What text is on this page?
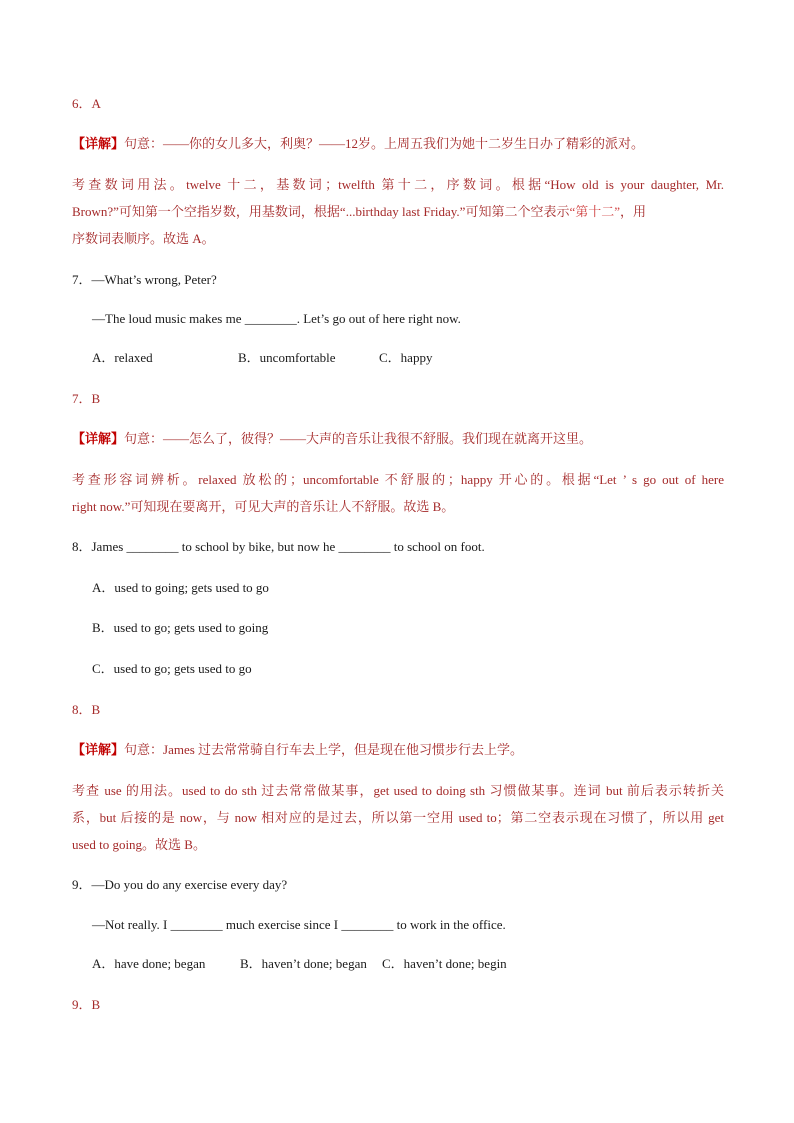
6．A
【详解】句意：——你的女儿多大，利奥？——12岁。上周五我们为她十二岁生日办了精彩的派对。
考查数词用法。twelve 十二，基数词；twelfth 第十二，序数词。根据“How old is your daughter, Mr.
Brown?”可知第一个空指岁数，用基数词，根据“...birthday last Friday.”可知第二个空表示“第十二”，用
序数词表顺序。故选 A。
7．—What’s wrong, Peter?
—The loud music makes me ________. Let’s go out of here right now.
A．relaxed	B．uncomfortable	C．happy
7．B
【详解】句意：——怎么了，彼得？——大声的音乐让我很不舒服。我们现在就离开这里。
考查形容词辨析。relaxed 放松的；uncomfortable 不舒服的；happy 开心的。根据“Let ’ s go out of here
right now.”可知现在要离开，可见大声的音乐让人不舒服。故选 B。
8．James ________ to school by bike, but now he ________ to school on foot.
A．used to going; gets used to go
B．used to go; gets used to going
C．used to go; gets used to go
8．B
【详解】句意：James 过去常常骑自行车去上学，但是现在他习惯步行去上学。
考查 use 的用法。used to do sth 过去常常做某事，get used to doing sth 习惯做某事。连词 but 前后表示转折关
系，but 后接的是 now，与 now 相对应的是过去，所以第一空用 used to；第二空表示现在习惯了，所以用 get
used to going。故选 B。
9．—Do you do any exercise every day?
—Not really. I ________ much exercise since I ________ to work in the office.
A．have done; began	B．haven’t done; began C．haven’t done; begin
9．B
